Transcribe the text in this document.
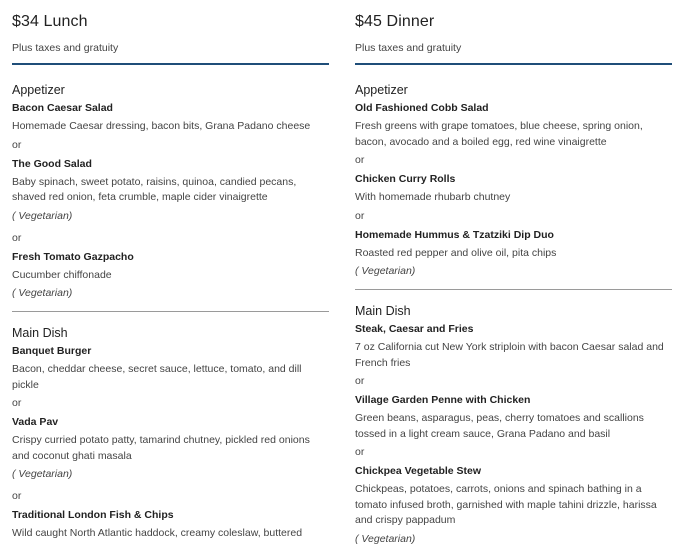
$34 Lunch
Plus taxes and gratuity
Appetizer
Bacon Caesar Salad
Homemade Caesar dressing, bacon bits, Grana Padano cheese
or
The Good Salad
Baby spinach, sweet potato, raisins, quinoa, candied pecans, shaved red onion, feta crumble, maple cider vinaigrette
( Vegetarian)
or
Fresh Tomato Gazpacho
Cucumber chiffonade
( Vegetarian)
Main Dish
Banquet Burger
Bacon, cheddar cheese, secret sauce, lettuce, tomato, and dill pickle
or
Vada Pav
Crispy curried potato patty, tamarind chutney, pickled red onions and coconut ghati masala
( Vegetarian)
or
Traditional London Fish & Chips
Wild caught North Atlantic haddock, creamy coleslaw, buttered
$45 Dinner
Plus taxes and gratuity
Appetizer
Old Fashioned Cobb Salad
Fresh greens with grape tomatoes, blue cheese, spring onion, bacon, avocado and a boiled egg, red wine vinaigrette
or
Chicken Curry Rolls
With homemade rhubarb chutney
or
Homemade Hummus & Tzatziki Dip Duo
Roasted red pepper and olive oil, pita chips
( Vegetarian)
Main Dish
Steak, Caesar and Fries
7 oz California cut New York striploin with bacon Caesar salad and French fries
or
Village Garden Penne with Chicken
Green beans, asparagus, peas, cherry tomatoes and scallions tossed in a light cream sauce, Grana Padano and basil
or
Chickpea Vegetable Stew
Chickpeas, potatoes, carrots, onions and spinach bathing in a tomato infused broth, garnished with maple tahini drizzle, harissa and crispy pappadum
( Vegetarian)
